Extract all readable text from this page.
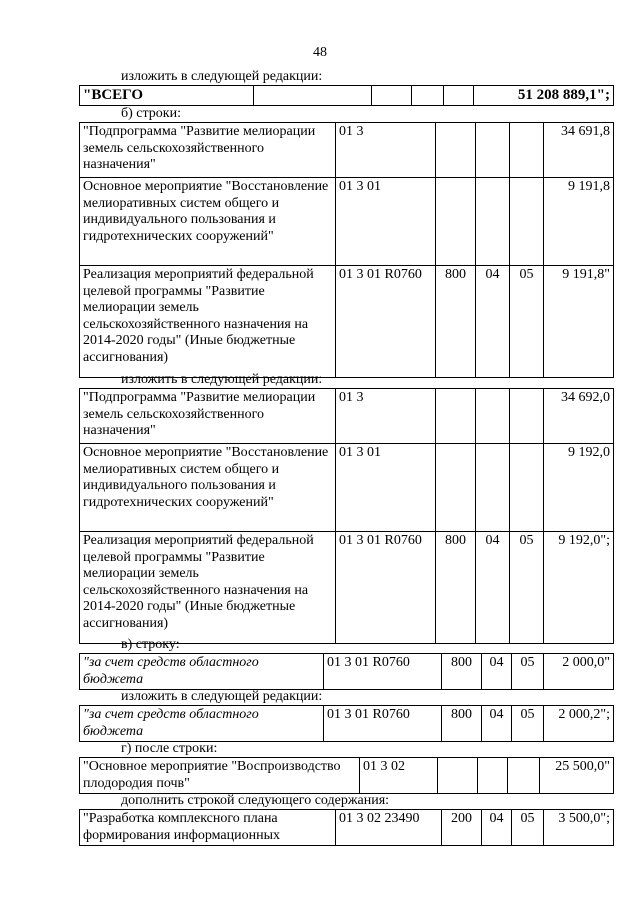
48
изложить в следующей редакции:
"ВСЕГО					51 208 889,1";
б) строки:
"Подпрограмма "Развитие мелиорации земель сельскохозяйственного назначения"	01 3				34 691,8
Основное мероприятие "Восстановление мелиоративных систем общего и индивидуального пользования и гидротехнических сооружений"	01 3 01				9 191,8
Реализация мероприятий федеральной целевой программы "Развитие мелиорации земель сельскохозяйственного назначения на 2014-2020 годы" (Иные бюджетные ассигнования)	01 3 01 R0760	800	04	05	9 191,8"
изложить в следующей редакции:
"Подпрограмма "Развитие мелиорации земель сельскохозяйственного назначения"	01 3				34 692,0
Основное мероприятие "Восстановление мелиоративных систем общего и индивидуального пользования и гидротехнических сооружений"	01 3 01				9 192,0
Реализация мероприятий федеральной целевой программы "Развитие мелиорации земель сельскохозяйственного назначения на 2014-2020 годы" (Иные бюджетные ассигнования)	01 3 01 R0760	800	04	05	9 192,0";
в) строку:
"за счет средств областного бюджета	01 3 01 R0760	800	04	05	2 000,0"
изложить в следующей редакции:
"за счет средств областного бюджета	01 3 01 R0760	800	04	05	2 000,2";
г) после строки:
"Основное мероприятие "Воспроизводство плодородия почв"	01 3 02				25 500,0"
дополнить строкой следующего содержания:
"Разработка комплексного плана формирования информационных	01 3 02 23490	200	04	05	3 500,0";
